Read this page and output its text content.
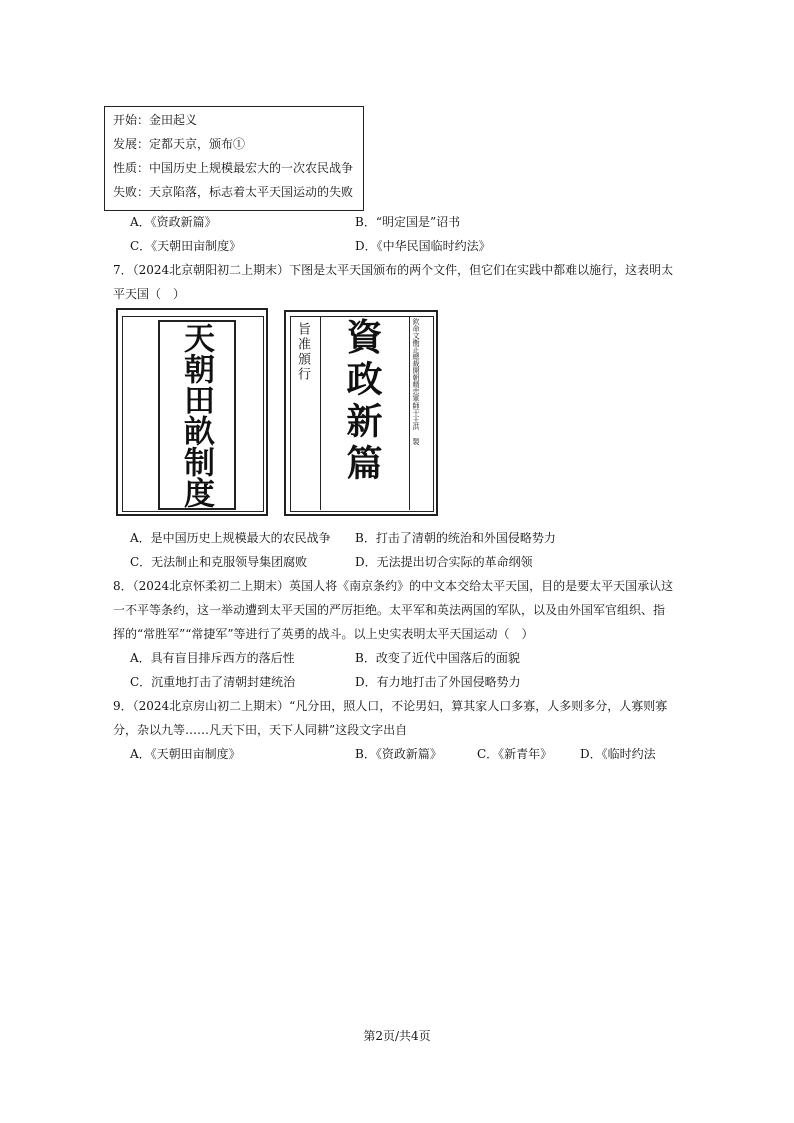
开始：金田起义
发展：定都天京，颁布①
性质：中国历史上规模最宏大的一次农民战争
失败：天京陷落，标志着太平天国运动的失败
A．《资政新篇》	B．“明定国是”诏书
C．《天朝田亩制度》	D．《中华民国临时约法》
7．（2024北京朝阳初二上期末）下图是太平天国颁布的两个文件，但它们在实践中都难以施行，这表明太
平天国（　）
天朝田畝制度	旨准頒行 資政新篇	欽命文衡正總裁開朝精忠軍師干王洪 製
A．是中国历史上规模最大的农民战争 B．打击了清朝的统治和外国侵略势力
C．无法制止和克服领导集团腐败	D．无法提出切合实际的革命纲领
8．（2024北京怀柔初二上期末）英国人将《南京条约》的中文本交给太平天国，目的是要太平天国承认这
一不平等条约，这一举动遭到太平天国的严厉拒绝。太平军和英法两国的军队，以及由外国军官组织、指
挥的“常胜军”“常捷军”等进行了英勇的战斗。以上史实表明太平天国运动（　）
A．具有盲目排斥西方的落后性	B．改变了近代中国落后的面貌
C．沉重地打击了清朝封建统治	D．有力地打击了外国侵略势力
9．（2024北京房山初二上期末）“凡分田，照人口，不论男妇，算其家人口多寡，人多则多分，人寡则寡
分，杂以九等……凡天下田，天下人同耕”这段文字出自
A．《天朝田亩制度》	B．《资政新篇》	C．《新青年》 D．《临时约法
第2页/共4页
